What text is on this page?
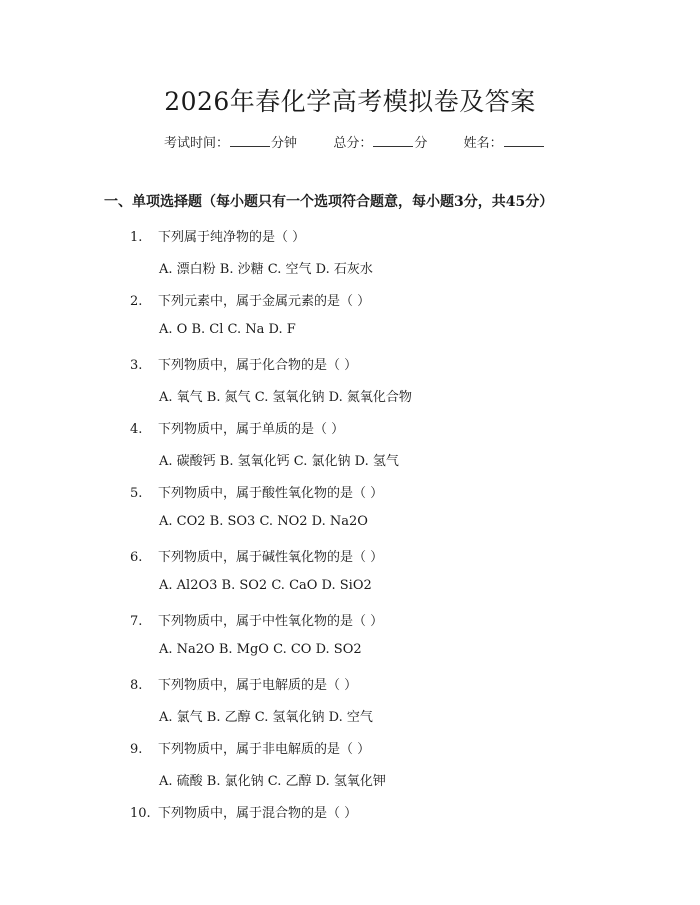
2026年春化学高考模拟卷及答案
考试时间：	分钟	总分：	分	姓名：
一、单项选择题（每小题只有一个选项符合题意，每小题3分，共45分）
1. 下列属于纯净物的是（ ）
A. 漂白粉 B. 沙糖 C. 空气 D. 石灰水
2. 下列元素中，属于金属元素的是（ ）
A. O B. Cl C. Na D. F
3. 下列物质中，属于化合物的是（ ）
A. 氧气 B. 氮气 C. 氢氧化钠 D. 氮氧化合物
4. 下列物质中，属于单质的是（ ）
A. 碳酸钙 B. 氢氧化钙 C. 氯化钠 D. 氢气
5. 下列物质中，属于酸性氧化物的是（ ）
A. CO2 B. SO3 C. NO2 D. Na2O
6. 下列物质中，属于碱性氧化物的是（ ）
A. Al2O3 B. SO2 C. CaO D. SiO2
7. 下列物质中，属于中性氧化物的是（ ）
A. Na2O B. MgO C. CO D. SO2
8. 下列物质中，属于电解质的是（ ）
A. 氯气 B. 乙醇 C. 氢氧化钠 D. 空气
9. 下列物质中，属于非电解质的是（ ）
A. 硫酸 B. 氯化钠 C. 乙醇 D. 氢氧化钾
10. 下列物质中，属于混合物的是（ ）
